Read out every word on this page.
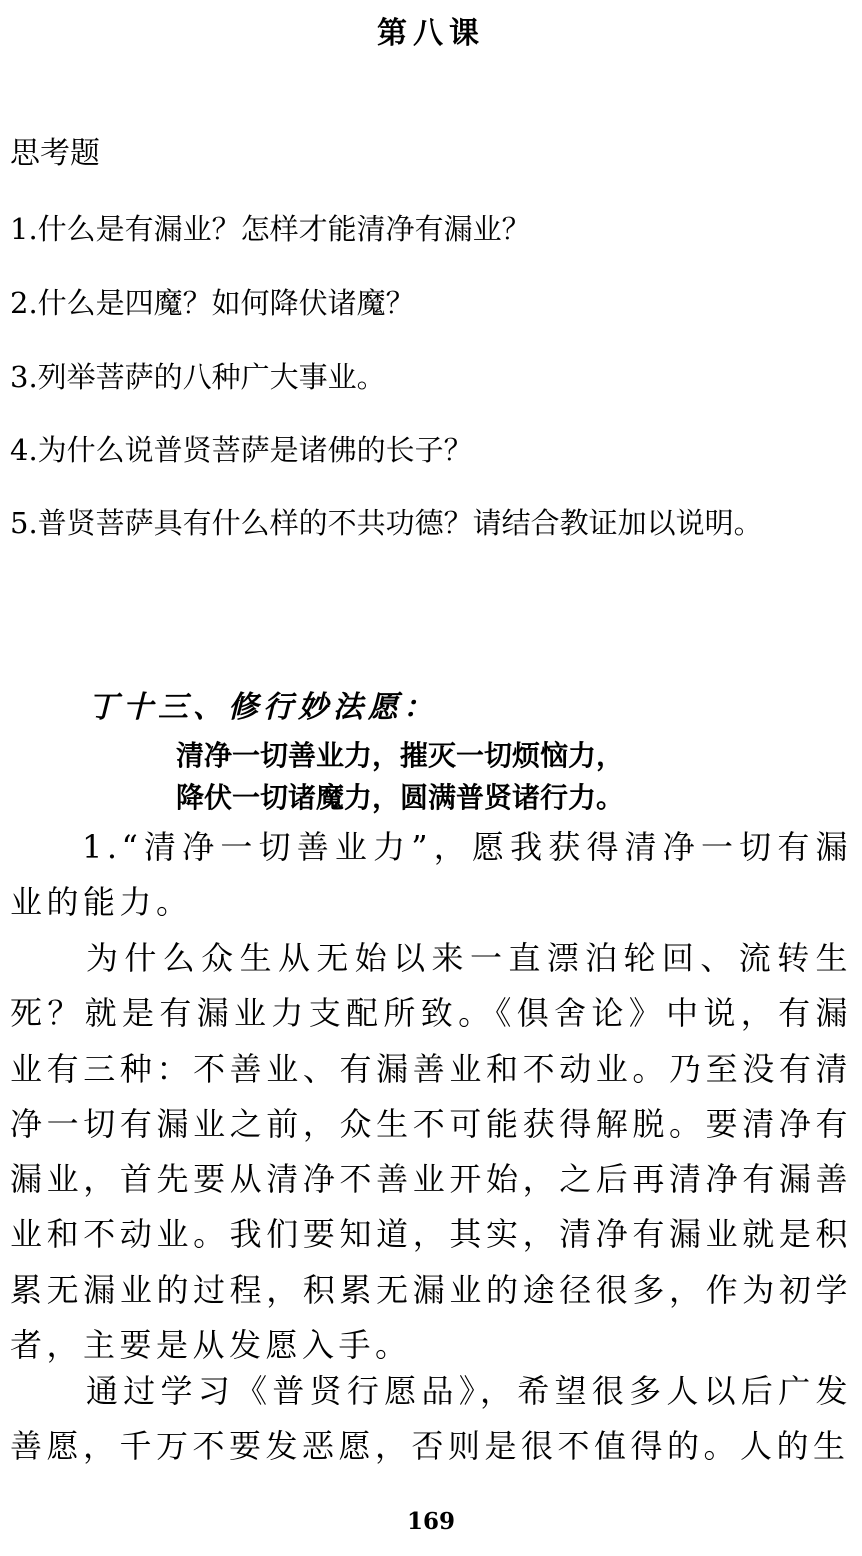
第八课
思考题
1.什么是有漏业？怎样才能清净有漏业？
2.什么是四魔？如何降伏诸魔？
3.列举菩萨的八种广大事业。
4.为什么说普贤菩萨是诸佛的长子？
5.普贤菩萨具有什么样的不共功德？请结合教证加以说明。
丁十三、修行妙法愿：
清净一切善业力，摧灭一切烦恼力，
降伏一切诸魔力，圆满普贤诸行力。

1.“清净一切善业力”，愿我获得清净一切有漏业的能力。

为什么众生从无始以来一直漂泊轮回、流转生死？就是有漏业力支配所致。《俱舍论》中说，有漏业有三种：不善业、有漏善业和不动业。乃至没有清净一切有漏业之前，众生不可能获得解脱。要清净有漏业，首先要从清净不善业开始，之后再清净有漏善业和不动业。我们要知道，其实，清净有漏业就是积累无漏业的过程，积累无漏业的途径很多，作为初学者，主要是从发愿入手。

通过学习《普贤行愿品》，希望很多人以后广发善愿，千万不要发恶愿，否则是很不值得的。人的生

169
